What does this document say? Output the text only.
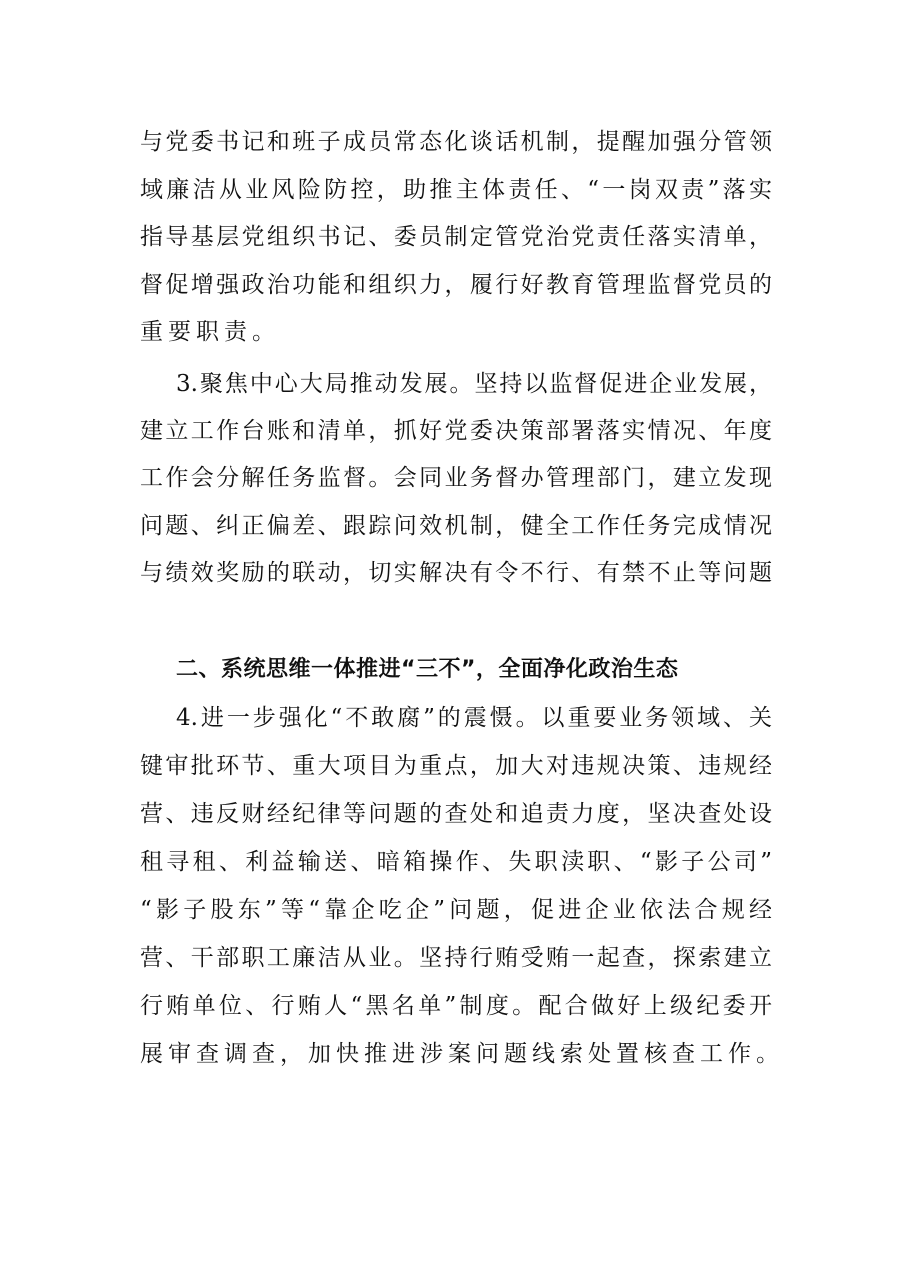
与党委书记和班子成员常态化谈话机制，提醒加强分管领
域廉洁从业风险防控，助推主体责任、“一岗双责”落实
指导基层党组织书记、委员制定管党治党责任落实清单，
督促增强政治功能和组织力，履行好教育管理监督党员的
重要职责。
3.聚焦中心大局推动发展。坚持以监督促进企业发展，
建立工作台账和清单，抓好党委决策部署落实情况、年度
工作会分解任务监督。会同业务督办管理部门，建立发现
问题、纠正偏差、跟踪问效机制，健全工作任务完成情况
与绩效奖励的联动，切实解决有令不行、有禁不止等问题
二、系统思维一体推进“三不”，全面净化政治生态
4.进一步强化“不敢腐”的震慑。以重要业务领域、关
键审批环节、重大项目为重点，加大对违规决策、违规经
营、违反财经纪律等问题的查处和追责力度，坚决查处设
租寻租、利益输送、暗箱操作、失职渎职、“影子公司”
“影子股东”等“靠企吃企”问题，促进企业依法合规经
营、干部职工廉洁从业。坚持行贿受贿一起查，探索建立
行贿单位、行贿人“黑名单”制度。配合做好上级纪委开
展审查调查，加快推进涉案问题线索处置核查工作。
